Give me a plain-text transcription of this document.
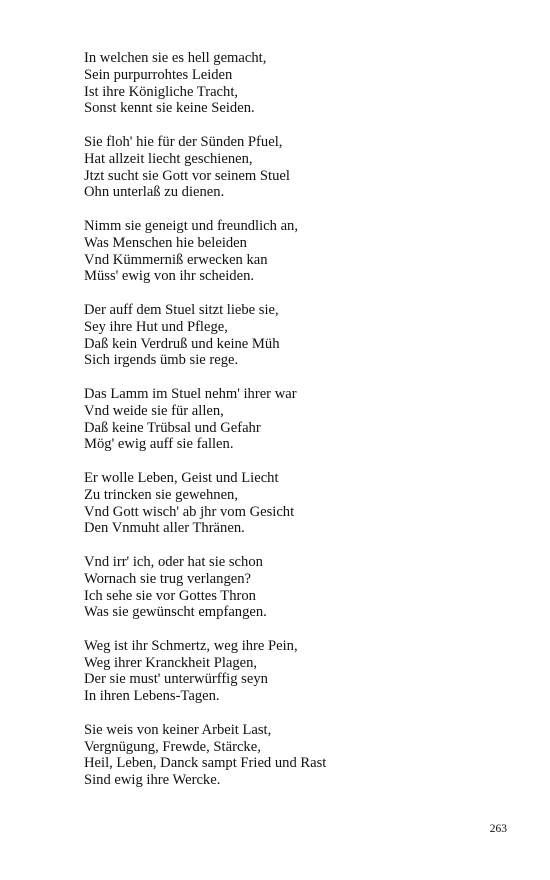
In welchen sie es hell gemacht,
Sein purpurrohtes Leiden
Ist ihre Königliche Tracht,
Sonst kennt sie keine Seiden.
Sie floh' hie für der Sünden Pfuel,
Hat allzeit liecht geschienen,
Jtzt sucht sie Gott vor seinem Stuel
Ohn unterlaß zu dienen.
Nimm sie geneigt und freundlich an,
Was Menschen hie beleiden
Vnd Kümmerniß erwecken kan
Müss' ewig von ihr scheiden.
Der auff dem Stuel sitzt liebe sie,
Sey ihre Hut und Pflege,
Daß kein Verdruß und keine Müh
Sich irgends ümb sie rege.
Das Lamm im Stuel nehm' ihrer war
Vnd weide sie für allen,
Daß keine Trübsal und Gefahr
Mög' ewig auff sie fallen.
Er wolle Leben, Geist und Liecht
Zu trincken sie gewehnen,
Vnd Gott wisch' ab jhr vom Gesicht
Den Vnmuht aller Thränen.
Vnd irr' ich, oder hat sie schon
Wornach sie trug verlangen?
Ich sehe sie vor Gottes Thron
Was sie gewünscht empfangen.
Weg ist ihr Schmertz, weg ihre Pein,
Weg ihrer Kranckheit Plagen,
Der sie must' unterwürffig seyn
In ihren Lebens-Tagen.
Sie weis von keiner Arbeit Last,
Vergnügung, Frewde, Stärcke,
Heil, Leben, Danck sampt Fried und Rast
Sind ewig ihre Wercke.
263
